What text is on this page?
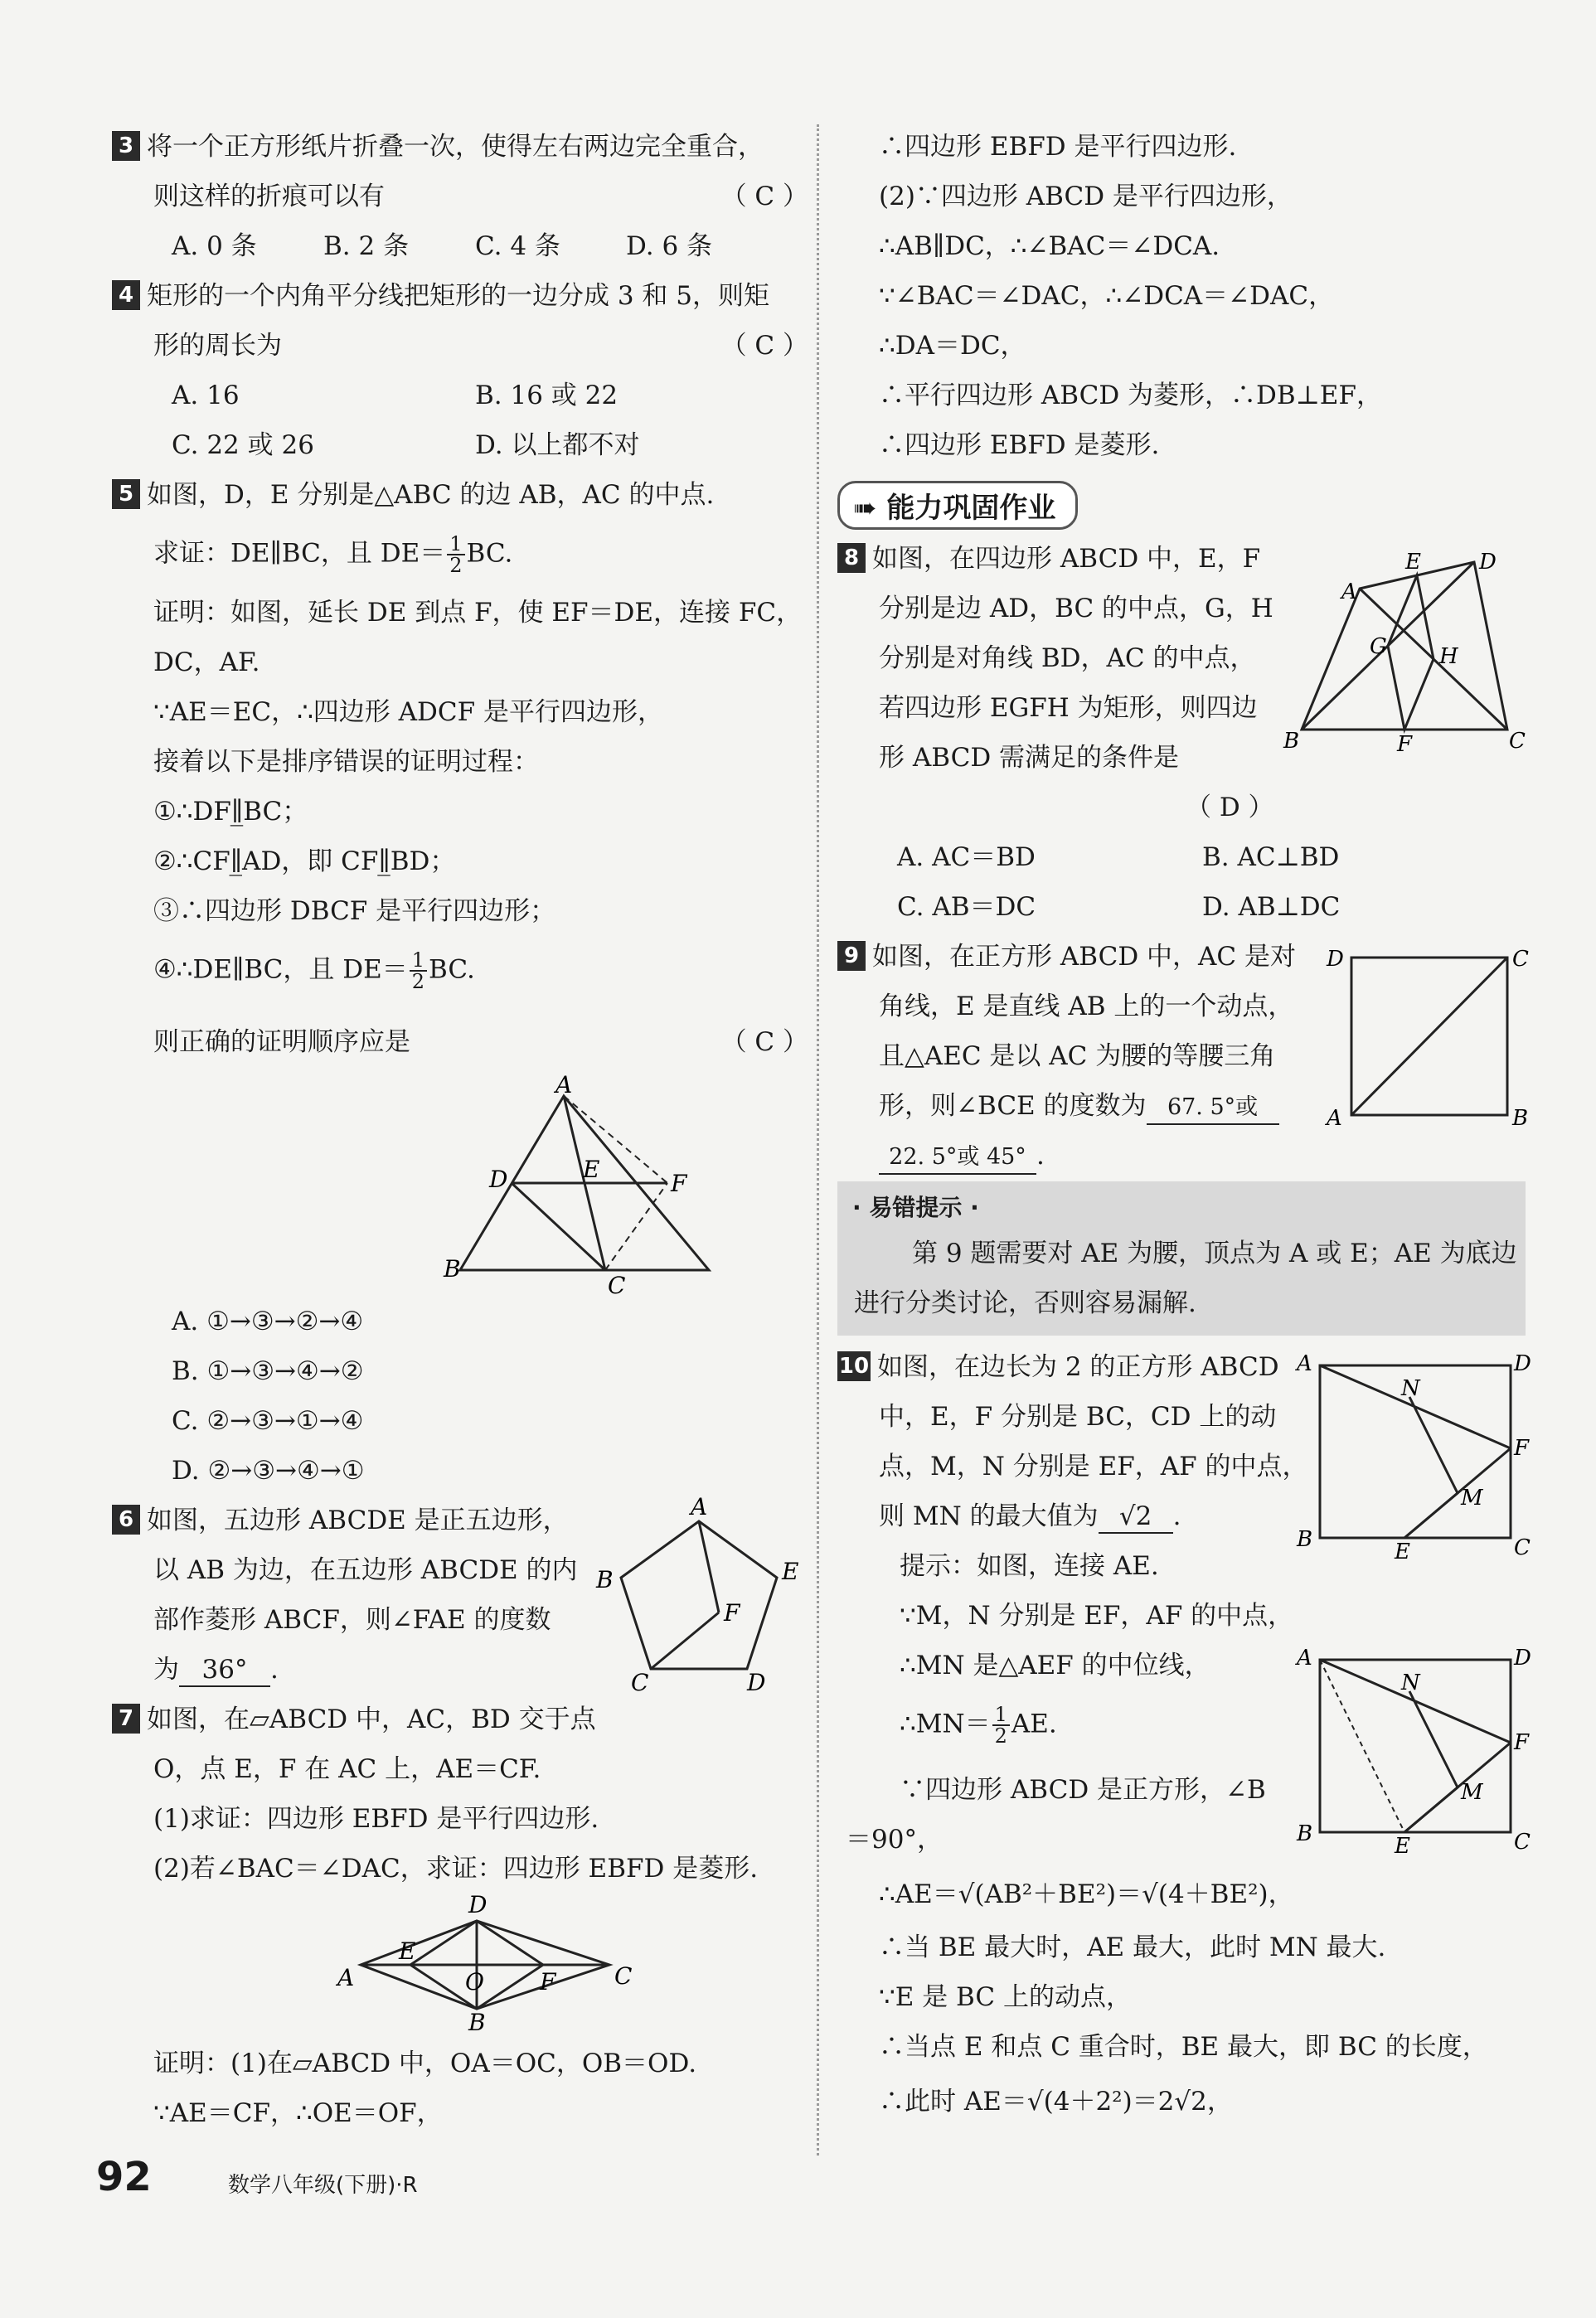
3 将一个正方形纸片折叠一次，使得左右两边完全重合，
则这样的折痕可以有	（ C ）
A. 0 条	B. 2 条	C. 4 条	D. 6 条
4 矩形的一个内角平分线把矩形的一边分成 3 和 5，则矩
形的周长为	（ C ）
A. 16	B. 16 或 22
C. 22 或 26	D. 以上都不对
5 如图，D，E 分别是△ABC 的边 AB，AC 的中点.
求证：DE∥BC，且 $DE= \frac{1}{2}$ BC.
证明：如图，延长 DE 到点 F，使 EF＝DE，连接 FC，
DC，AF.
∵AE＝EC，∴四边形 ADCF 是平行四边形，
接着以下是排序错误的证明过程：
①∴DF∥̲BC；
②∴CF∥̲AD，即 CF∥̲BD；
③∴四边形 DBCF 是平行四边形；
④∴DE∥BC，且 $DE= \frac{1}{2}$ BC.
则正确的证明顺序应是	（ C ）
A
D	E
F
B
C
A. ①→③→②→④
B. ①→③→④→②
C. ②→③→①→④
D. ②→③→④→①
6 如图，五边形 ABCDE 是正五边形，
以 AB 为边，在五边形 ABCDE 的内
部作菱形 ABCF，则∠FAE 的度数
为 36° .
A
B	E
F
C	D
7 如图，在▱ABCD 中，AC，BD 交于点
O，点 E，F 在 AC 上，AE＝CF.
(1)求证：四边形 EBFD 是平行四边形.
(2)若∠BAC＝∠DAC，求证：四边形 EBFD 是菱形.
D
A
E
O F	C
B
证明：(1)在▱ABCD 中，OA＝OC，OB＝OD.
∵AE＝CF，∴OE＝OF，
∴四边形 EBFD 是平行四边形.
(2)∵四边形 ABCD 是平行四边形，
∴AB∥DC，∴∠BAC＝∠DCA.
∵∠BAC＝∠DAC，∴∠DCA＝∠DAC，
∴DA＝DC，
∴平行四边形 ABCD 为菱形，∴DB⊥EF，
∴四边形 EBFD 是菱形.
➠ 能力巩固作业
8 如图，在四边形 ABCD 中，E，F
分别是边 AD，BC 的中点，G，H
分别是对角线 BD，AC 的中点，
若四边形 EGFH 为矩形，则四边
形 ABCD 需满足的条件是
（ D ）
A. AC＝BD	B. AC⊥BD
C. AB＝DC	D. AB⊥DC
E	D
A
G H
B	F	C
9 如图，在正方形 ABCD 中，AC 是对
角线，E 是直线 AB 上的一个动点，
且△AEC 是以 AC 为腰的等腰三角
形，则∠BCE 的度数为 67. 5°或
22. 5°或 45° .
D	C
A	B
· 易错提示 ·
第 9 题需要对 AE 为腰，顶点为 A 或 E；AE 为底边
进行分类讨论，否则容易漏解.
10 如图，在边长为 2 的正方形 ABCD
中，E，F 分别是 BC，CD 上的动
点，M，N 分别是 EF，AF 的中点，
则 MN 的最大值为 √2 .
提示：如图，连接 AE.
∵M，N 分别是 EF，AF 的中点，
∴MN 是△AEF 的中位线，
∴MN＝ $\frac{1}{2}$ AE.
∵四边形 ABCD 是正方形，∠B
＝90°，
∴AE＝√(AB²＋BE²)＝√(4＋BE²)，
∴当 BE 最大时，AE 最大，此时 MN 最大.
∵E 是 BC 上的动点，
∴当点 E 和点 C 重合时，BE 最大，即 BC 的长度，
∴此时 AE＝√(4＋2²)＝2√2，
A	D
N
F
M
B	E	C
A	D
N
F
M
B	E	C
92	数学八年级(下册)·R
